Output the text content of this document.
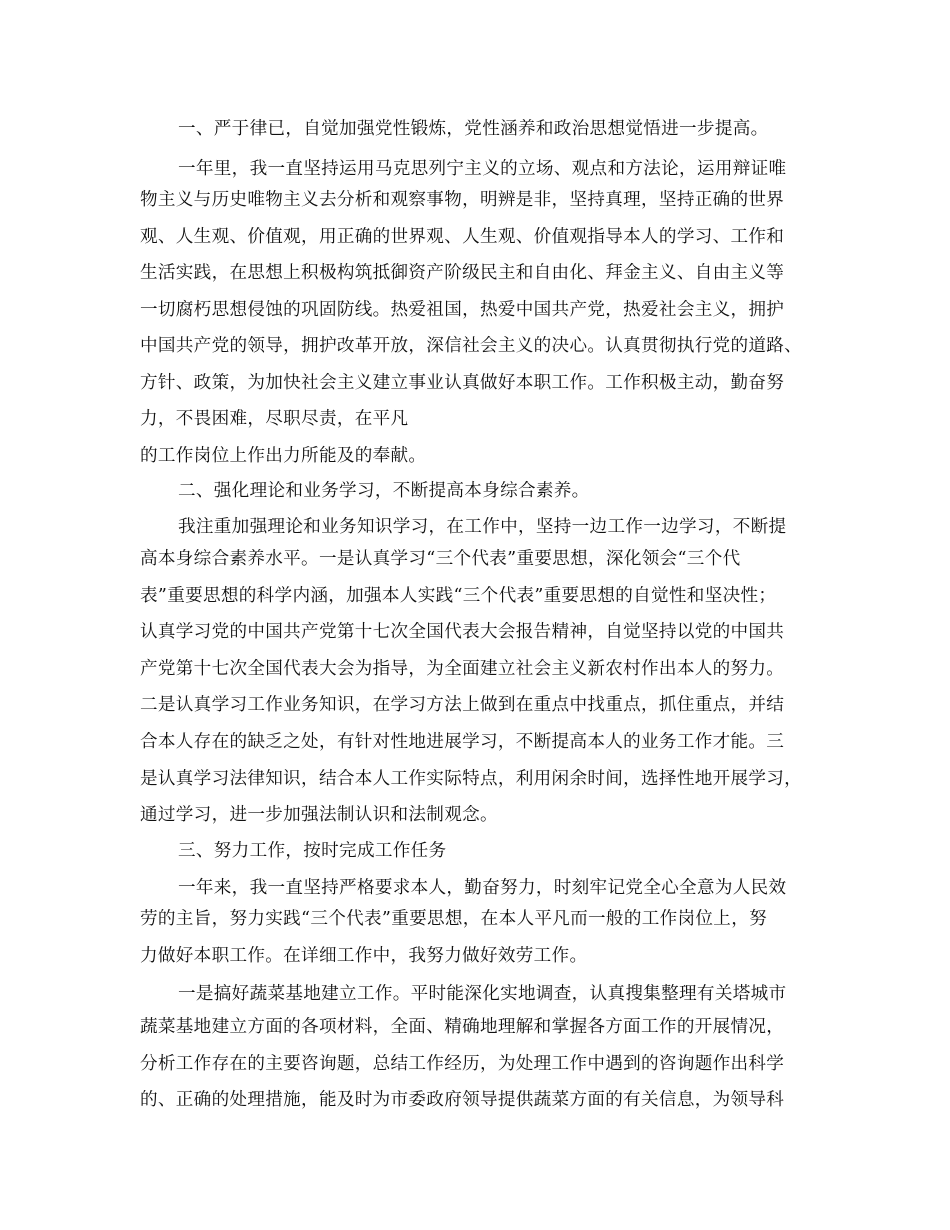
一、严于律已，自觉加强党性锻炼，党性涵养和政治思想觉悟进一步提高。
一年里，我一直坚持运用马克思列宁主义的立场、观点和方法论，运用辩证唯
物主义与历史唯物主义去分析和观察事物，明辨是非，坚持真理，坚持正确的世界
观、人生观、价值观，用正确的世界观、人生观、价值观指导本人的学习、工作和
生活实践，在思想上积极构筑抵御资产阶级民主和自由化、拜金主义、自由主义等
一切腐朽思想侵蚀的巩固防线。热爱祖国，热爱中国共产党，热爱社会主义，拥护
中国共产党的领导，拥护改革开放，深信社会主义的决心。认真贯彻执行党的道路、
方针、政策，为加快社会主义建立事业认真做好本职工作。工作积极主动，勤奋努
力，不畏困难，尽职尽责，在平凡
的工作岗位上作出力所能及的奉献。
二、强化理论和业务学习，不断提高本身综合素养。
我注重加强理论和业务知识学习，在工作中，坚持一边工作一边学习，不断提
高本身综合素养水平。一是认真学习“三个代表”重要思想，深化领会“三个代
表”重要思想的科学内涵，加强本人实践“三个代表”重要思想的自觉性和坚决性；
认真学习党的中国共产党第十七次全国代表大会报告精神，自觉坚持以党的中国共
产党第十七次全国代表大会为指导，为全面建立社会主义新农村作出本人的努力。
二是认真学习工作业务知识，在学习方法上做到在重点中找重点，抓住重点，并结
合本人存在的缺乏之处，有针对性地进展学习，不断提高本人的业务工作才能。三
是认真学习法律知识，结合本人工作实际特点，利用闲余时间，选择性地开展学习，
通过学习，进一步加强法制认识和法制观念。
三、努力工作，按时完成工作任务
一年来，我一直坚持严格要求本人，勤奋努力，时刻牢记党全心全意为人民效
劳的主旨，努力实践“三个代表”重要思想，在本人平凡而一般的工作岗位上，努
力做好本职工作。在详细工作中，我努力做好效劳工作。
一是搞好蔬菜基地建立工作。平时能深化实地调查，认真搜集整理有关塔城市
蔬菜基地建立方面的各项材料，全面、精确地理解和掌握各方面工作的开展情况，
分析工作存在的主要咨询题，总结工作经历，为处理工作中遇到的咨询题作出科学
的、正确的处理措施，能及时为市委政府领导提供蔬菜方面的有关信息，为领导科
